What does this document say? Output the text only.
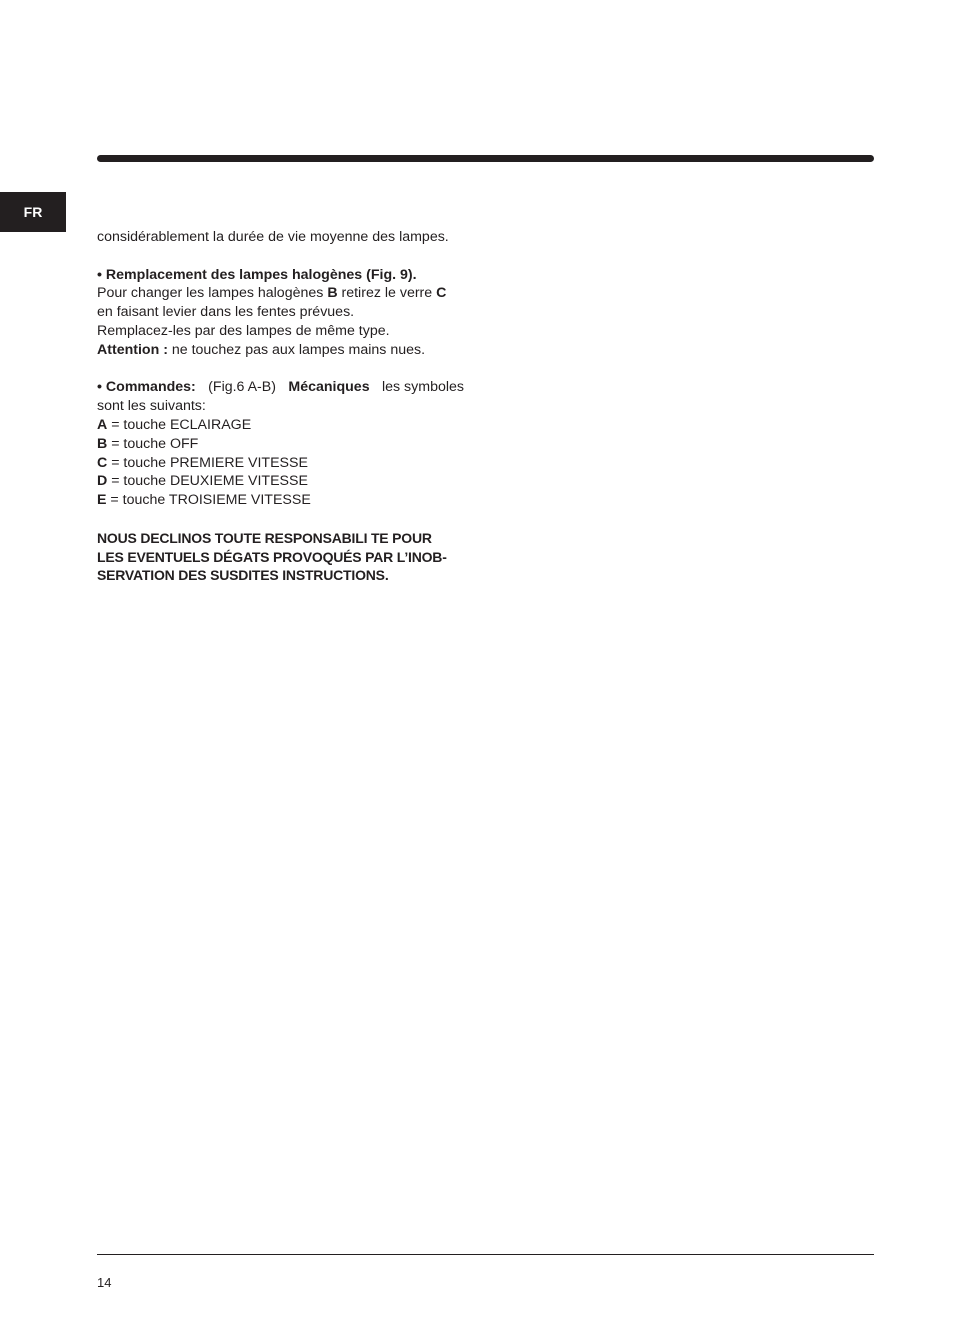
FR
considérablement la durée de vie moyenne des lampes.
• Remplacement des lampes halogènes (Fig. 9).
Pour changer les lampes halogènes B retirez le verre C
en faisant levier dans les fentes prévues.
Remplacez-les par des lampes de même type.
Attention : ne touchez pas aux lampes mains nues.
• Commandes: (Fig.6 A-B) Mécaniques les symboles
sont les suivants:
A = touche ECLAIRAGE
B = touche OFF
C = touche PREMIERE VITESSE
D = touche DEUXIEME VITESSE
E = touche TROISIEME VITESSE
NOUS DECLINOS TOUTE RESPONSABILI TE POUR
LES EVENTUELS DÉGATS PROVOQUÉS PAR L’INOB-
SERVATION DES SUSDITES INSTRUCTIONS.
14
